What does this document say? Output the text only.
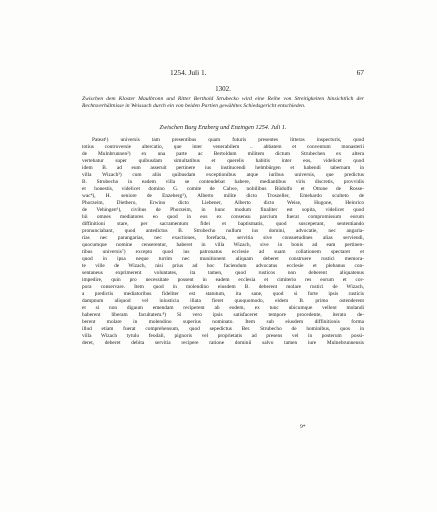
1254. Juli 1.	67
1302.
Zwischen dem Kloster Maulbronn und Ritter Berthold Strubecko wird eine Reihe von Streitigkeiten hinsichtlich der Rechtsverhältnisse in Weissach durch ein von beiden Partien gewähltes Schiedsgericht entschieden.
Zwischen Burg Enzberg und Enzingen 1254. Juli 1.
Pateat¹) universis tam presentibus quam futuris presentes litteras inspecturis, quod
totius controversie altercatio, que inter venerabilem .. abbatem et conventum monasterii
de Mulnbrunnen²) ex una parte ac Bertoldum militem dictum Strubechen ex altera
vertebatur super quibusdam simultatibus et querelis habitis inter eos, videlicet quod
idem B. ad eum asseruit pertinere ius institucendi helmbürgen et habendi tabernam in
villa Wizach³) cum aliis quibusdam exceptionibus atque iuribus universis, que predictus
B. Strubecho in eadem villa se contendebat habere, mediantibus viris discretis, provvidis
et honestis, videlicet domino G. comite de Calwe, nobilibus Rūdolfo et Ottone de Rosse-
wac⁴), H. seniore de Enzeberg⁵), Alberto milite dicto Troszeller, Emehardo sculteto de
Phorzeim, Dietherо, Erwino dicto Liebener, Alberto dicto Weise, Hugone, Heinrico
de Vehingen⁶), civibus de Phorzeim, in hunc modum finaliter est sopita, videlicet quod
hii omnes mediatores eo quod in eos ex consensu parcium fuerat compromissum eorum
diffinitioni stare, per sacramentum fidei et baptismatis, quod susceperant, sententiando
pronunciabant, quod antedictus B. Strubecho nullum ius domini, advocatie, nec angaria-
rias nec parangarias, nec exactiones, forefacta, servitia sive consuetudines alias serviendi,
quocumque nomine censerentur, haberet in villa Wizach, sive in bonis ad eam pertinen-
tibus universis⁷) excepto quod ius patronatus ecclesie ad suam collationem spectaret et
quod in ipsa neque turrim nec munitionem aliquam deberet construere rustici memora-
te ville de Wizach, nisi prius ad hoc faciendum advocatus ecclesie et plebanus con-
sentaneus exprimerent voluntates, ita tamen, quod rusticos non deberent aliquatenus
impedire, quin pro necessitate possent in eadem ecclesia et cimiterio res eorum et cor-
pora conservare. Item quod in molendino eiusdem B. deberent molare rustici de Wizach,
a predictis mediatoribus fideliter est statutum, ita sane, quod si forte ipsis rusticis
dampnum aliquod vel iniusticia illata fieret quoquomodo, eidem B. primo ostenderent
et si non digaum emendam reciperent ab eodem, ex tunc ubicumque vellent molandi
haberent liberam facultatem.⁸) Si vero ipsis satisfaceret tempore procedente, iterato de-
berent molare in molendino superius nominato. Item sub eiusdem diffinitionis forma
illud etiam fuerat comprehensum, quod sepedictus Ber. Strubecho de hominibus, quos in
villa Wizach tytulo feodali, pignoris vel proprietatis ad presens vel in posterum possi-
deret, deberet debita servitia recipere ratione dominii salvo tamen iure Mulnebrunnensis
9*
